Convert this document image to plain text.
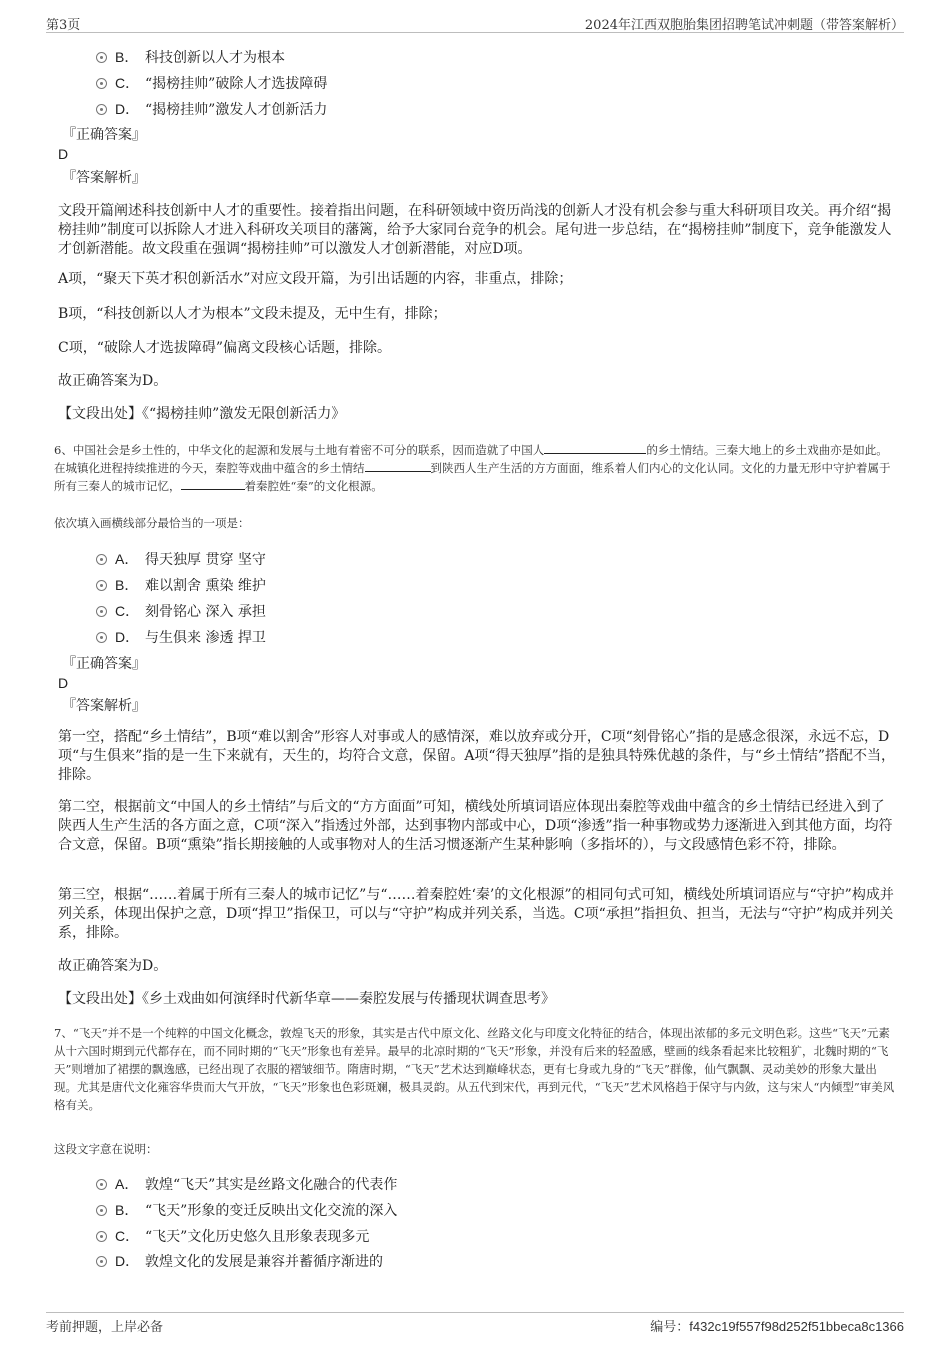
第3页	2024年江西双胞胎集团招聘笔试冲刺题（带答案解析）
B． 科技创新以人才为根本
C． “揭榜挂帅”破除人才选拔障碍
D． “揭榜挂帅”激发人才创新活力
『正确答案』
D
『答案解析』
文段开篇阐述科技创新中人才的重要性。接着指出问题，在科研领域中资历尚浅的创新人才没有机会参与重大科研项目攻关。再介绍“揭榜挂帅”制度可以拆除人才进入科研攻关项目的藩篱，给予大家同台竞争的机会。尾句进一步总结，在“揭榜挂帅”制度下，竞争能激发人才创新潜能。故文段重在强调“揭榜挂帅”可以激发人才创新潜能，对应D项。
A项，“聚天下英才积创新活水”对应文段开篇，为引出话题的内容，非重点，排除；
B项，“科技创新以人才为根本”文段未提及，无中生有，排除；
C项，“破除人才选拔障碍”偏离文段核心话题，排除。
故正确答案为D。
【文段出处】《“揭榜挂帅”激发无限创新活力》
6、中国社会是乡土性的，中华文化的起源和发展与土地有着密不可分的联系，因而造就了中国人	的乡土情结。三秦大地上的乡土戏曲亦是如此。在城镇化进程持续推进的今天，秦腔等戏曲中蕴含的乡土情结	到陕西人生产生活的方方面面，维系着人们内心的文化认同。文化的力量无形中守护着属于所有三秦人的城市记忆，	着秦腔姓“秦”的文化根源。
依次填入画横线部分最恰当的一项是：
A． 得天独厚 贯穿 坚守
B． 难以割舍 熏染 维护
C． 刻骨铭心 深入 承担
D． 与生俱来 渗透 捍卫
『正确答案』
D
『答案解析』
第一空，搭配“乡土情结”，B项“难以割舍”形容人对事或人的感情深，难以放弃或分开，C项“刻骨铭心”指的是感念很深，永远不忘，D项“与生俱来”指的是一生下来就有，天生的，均符合文意，保留。A项“得天独厚”指的是独具特殊优越的条件，与“乡土情结”搭配不当，排除。
第二空，根据前文“中国人的乡土情结”与后文的“方方面面”可知，横线处所填词语应体现出秦腔等戏曲中蕴含的乡土情结已经进入到了陕西人生产生活的各方面之意，C项“深入”指透过外部，达到事物内部或中心，D项“渗透”指一种事物或势力逐渐进入到其他方面，均符合文意，保留。B项“熏染”指长期接触的人或事物对人的生活习惯逐渐产生某种影响（多指坏的），与文段感情色彩不符，排除。
第三空，根据“……着属于所有三秦人的城市记忆”与“……着秦腔姓‘秦’的文化根源”的相同句式可知，横线处所填词语应与“守护”构成并列关系，体现出保护之意，D项“捍卫”指保卫，可以与“守护”构成并列关系，当选。C项“承担”指担负、担当，无法与“守护”构成并列关系，排除。
故正确答案为D。
【文段出处】《乡土戏曲如何演绎时代新华章——秦腔发展与传播现状调查思考》
7、“飞天”并不是一个纯粹的中国文化概念，敦煌飞天的形象，其实是古代中原文化、丝路文化与印度文化特征的结合，体现出浓郁的多元文明色彩。这些“飞天”元素从十六国时期到元代都存在，而不同时期的“飞天”形象也有差异。最早的北凉时期的“飞天”形象，并没有后来的轻盈感，壁画的线条看起来比较粗犷，北魏时期的“飞天”则增加了裙摆的飘逸感，已经出现了衣服的褶皱细节。隋唐时期，“飞天”艺术达到巅峰状态，更有七身或九身的“飞天”群像，仙气飘飘、灵动美妙的形象大量出现。尤其是唐代文化雍容华贵而大气开放，“飞天”形象也色彩斑斓，极具灵韵。从五代到宋代，再到元代，“飞天”艺术风格趋于保守与内敛，这与宋人“内倾型”审美风格有关。
这段文字意在说明：
A． 敦煌“飞天”其实是丝路文化融合的代表作
B． “飞天”形象的变迁反映出文化交流的深入
C． “飞天”文化历史悠久且形象表现多元
D． 敦煌文化的发展是兼容并蓄循序渐进的
考前押题，上岸必备	编号：f432c19f557f98d252f51bbeca8c1366
